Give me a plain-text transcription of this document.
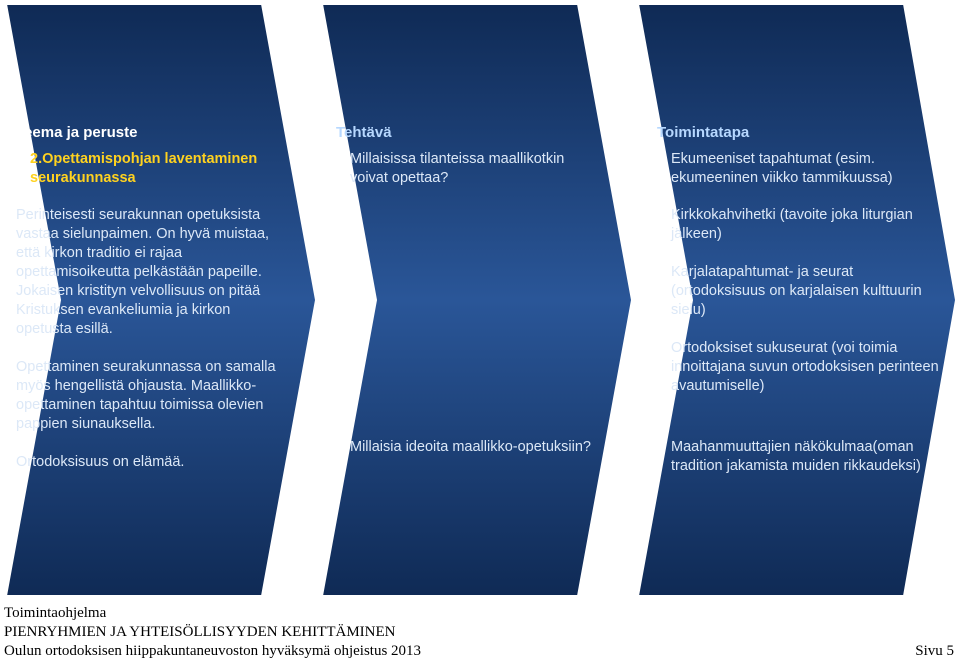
Teema ja peruste
• 2.Opettamispohjan laventaminen seurakunnassa

Perinteisesti seurakunnan opetuksista vastaa sielunpaimen. On hyvä muistaa, että kirkon traditio ei rajaa opettamisoikeutta pelkästään papeille. Jokaisen kristityn velvollisuus on pitää Kristuksen evankeliumia ja kirkon opetusta esillä.

Opettaminen seurakunnassa on samalla myös hengellistä ohjausta. Maallikko-opettaminen tapahtuu toimissa olevien pappien siunauksella.

Ortodoksisuus on elämää.

Tehtävä
• Millaisissa tilanteissa maallikotkin voivat opettaa?
• Millaisia ideoita maallikko-opetuksiin?
Toimintatapa
• Ekumeeniset tapahtumat (esim. ekumeeninen viikko tammikuussa)

Kirkkokahvihetki (tavoite joka liturgian jälkeen)

Karjalatapahtumat- ja seurat (ortodoksisuus on karjalaisen kulttuurin sielu)

Ortodoksiset sukuseurat (voi toimia innoittajana suvun ortodoksisen perinteen avautumiselle)

• Maahanmuuttajien näkökulmaa(oman tradition jakamista muiden rikkaudeksi)
Toimintaohjelma
PIENRYHMIEN JA YHTEISÖLLISYYDEN KEHITTÄMINEN
Oulun ortodoksisen hiippakuntaneuvoston hyväksymä ohjeistus 2013	Sivu 5
